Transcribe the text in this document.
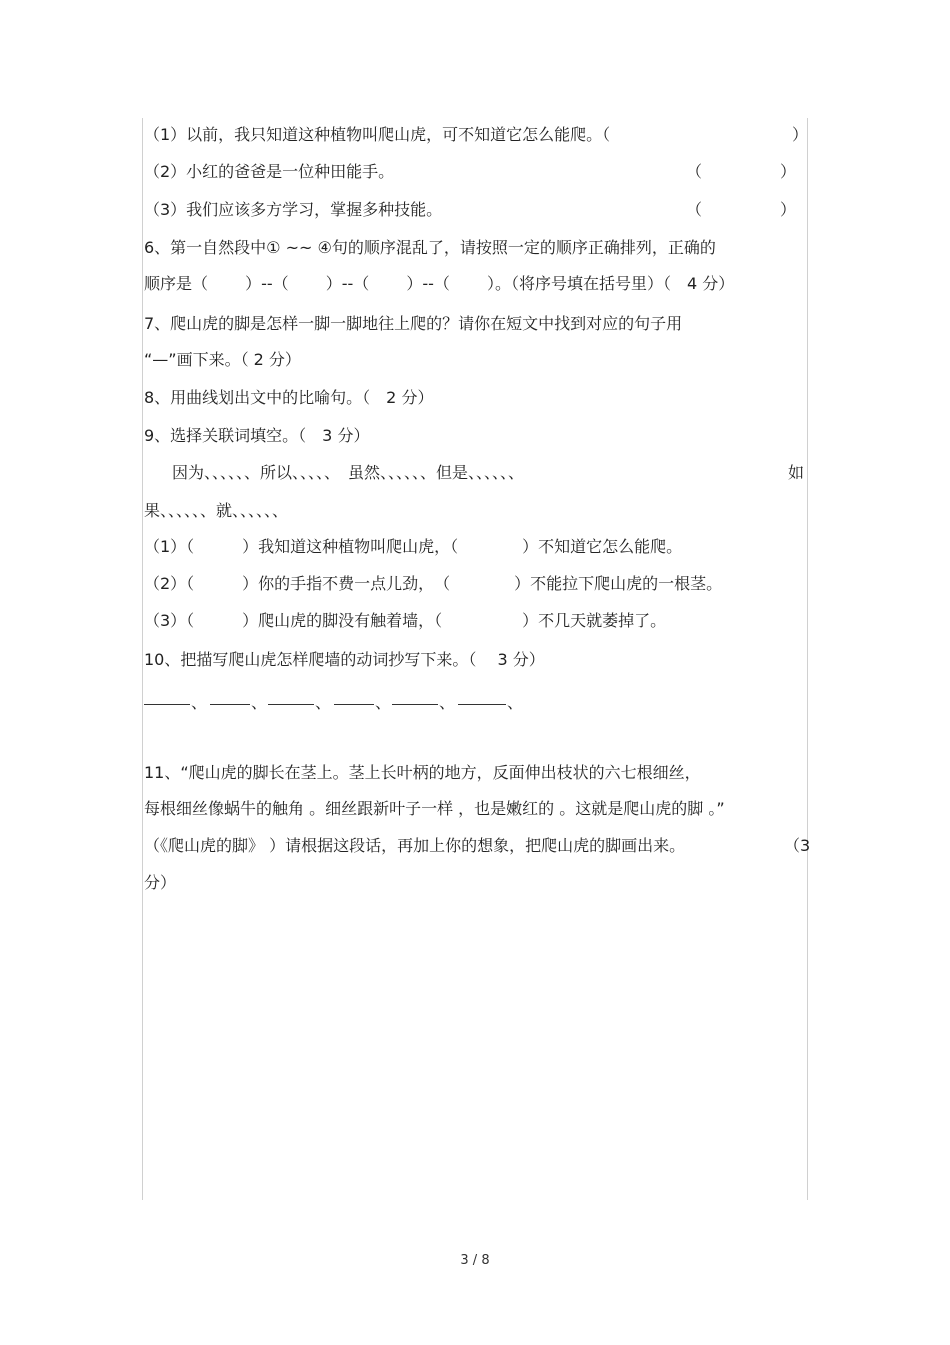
（1）以前，我只知道这种植物叫爬山虎，可不知道它怎么能爬。（	）
（2）小红的爸爸是一位种田能手。	（	）
（3）我们应该多方学习，掌握多种技能。	（	）
6、第一自然段中① ~~ ④句的顺序混乱了，请按照一定的顺序正确排列，正确的
顺序是（　　 ）--（　　 ）--（　　 ）--（　　 ）。（将序号填在括号里）（　4 分）
7、爬山虎的脚是怎样一脚一脚地往上爬的？请你在短文中找到对应的句子用
“—”画下来。（ 2 分）
8、用曲线划出文中的比喻句。（　2 分）
9、选择关联词填空。（　3 分）
因为、、、、、、所以、、、、、　虽然、、、、、、但是、、、、、、	如
果、、、、、、就、、、、、、
（1）（　　　）我知道这种植物叫爬山虎，（　　　　）不知道它怎么能爬。
（2）（　　　）你的手指不费一点儿劲，　（　　　　）不能拉下爬山虎的一根茎。
（3）（　　　）爬山虎的脚没有触着墙，（　　　　　）不几天就萎掉了。
10、把描写爬山虎怎样爬墙的动词抄写下来。（　 3 分）
、	、	、	、	、	、
11、“爬山虎的脚长在茎上。茎上长叶柄的地方，反面伸出枝状的六七根细丝，
每根细丝像蜗牛的触角 。细丝跟新叶子一样 ，也是嫩红的 。这就是爬山虎的脚 。”
（《爬山虎的脚》 ）请根据这段话，再加上你的想象，把爬山虎的脚画出来。	（3
分）
3 / 8
